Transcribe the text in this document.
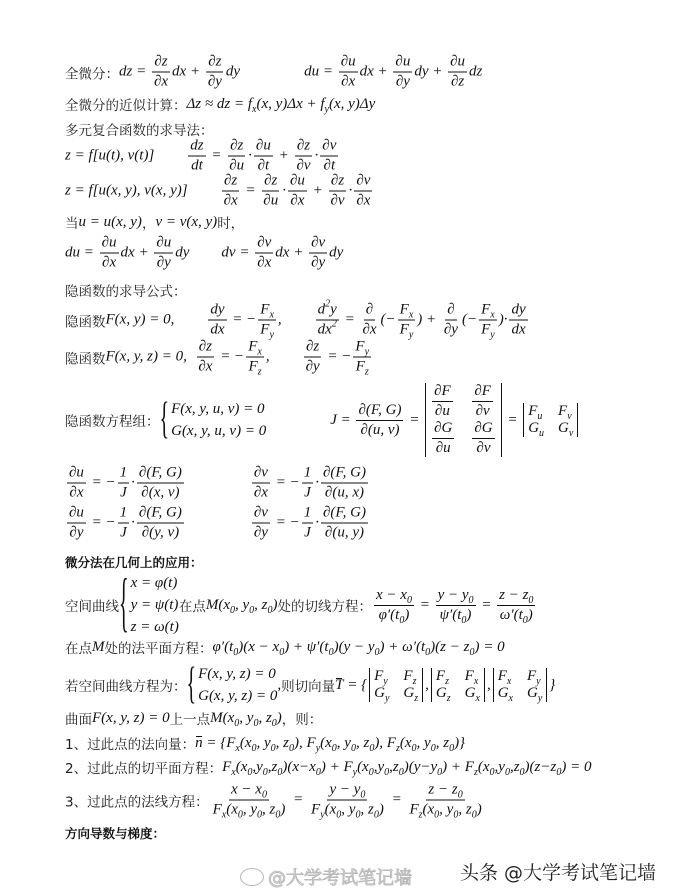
全微分： dz = $\frac{\partial z}{\partial x}$ dx + $\frac{\partial z}{\partial y}$ dy	du = $\frac{\partial u}{\partial x}$ dx + $\frac{\partial u}{\partial y}$ dy + $\frac{\partial u}{\partial z}$ dz
全微分的近似计算： Δz ≈ dz = f x (x, y)Δx + f y (x, y)Δy
多元复合函数的求导法：
z = f[u(t), $v(t)] \frac{dz}{dt} = \frac{\partial z}{\partial u} \cdot \frac{\partial u}{\partial t} + \frac{\partial z}{\partial v} \cdot \frac{\partial v}{\partial t}$
z = f[u(x, y), v(x, $y)] \frac{\partial z}{\partial x} = \frac{\partial z}{\partial u} \cdot \frac{\partial u}{\partial x} + \frac{\partial z}{\partial v} \cdot \frac{\partial v}{\partial x}$
当 u = u(x, y) ， v = v(x, y) 时，
du = $\frac{\partial u}{\partial x}$ dx + $\frac{\partial u}{\partial y}$ dy dv = $\frac{\partial v}{\partial x}$ dx + $\frac{\partial v}{\partial y}$ dy
隐函数的求导公式：
隐函数 F(x, y) = 0, $\frac{dy}{dx}$ = − $\frac{\text{F x}}{\text{F y}}$ , $\frac{d 2 y}{dx 2} = \frac{\partial}{\partial x}$ (− $\frac{\text{F x}}{\text{F y}}$ ) + $\frac{\partial}{\partial y}$ (− $\frac{\text{F x}}{\text{F y}}$ )· $\frac{dy}{dx}$
隐函数 F(x, y, z) = 0, $\frac{\partial z}{\partial x}$ = − $\frac{\text{F x}}{\text{F z}}$ , $\frac{\partial z}{\partial y}$ = − $\frac{\text{F y}}{\text{F z}}$
隐函数方程组： { F(x, y, u, v) = 0
G(x, y, u, v) = 0
$J = \frac{\partial(F, G)}{\partial(u, v)} = \frac{\partial F}{\partial u} \frac{\partial F}{\partial v}$
$\frac{\partial G}{\partial u} \frac{\partial G}{\partial v}$
=
F u F v
G u G v
$\frac{\partial u}{\partial x}$ = − $\frac{1}{J} \cdot \frac{\partial(F, G)}{\partial(x, v)}$	$\frac{\partial v}{\partial x}$ = − $\frac{1}{J} \cdot \frac{\partial(F, G)}{\partial(u, x)}$
$\frac{\partial u}{\partial y}$ = − $\frac{1}{J} \cdot \frac{\partial(F, G)}{\partial(y, v)}$	$\frac{\partial v}{\partial y}$ = − $\frac{1}{J} \cdot \frac{\partial(F, G)}{\partial(u, y)}$
微分法在几何上的应用：
空间曲线 { x = φ(t)
y = ψ(t)
z = ω(t)
在点 M(x 0 , y 0 , z 0 ) 处的切线方程： $\frac{x - x 0}{\varphi'(t 0 )} = \frac{y - y 0}{\psi'(t 0 )} = \frac{z - z 0}{\omega'(t 0 )}$
在点 M 处的法平面方程： φ′(t 0 )(x − x 0 ) + ψ′(t 0 )(y − y 0 ) + ω′(t 0 )(z − z 0 ) = 0
若空间曲线方程为： { F(x, y, z) = 0
G(x, y, z) = 0
, 则切向量 T = {
F y F z
G y G z
,
F z F x
G z G x
,
F x F y
G x G y
}
曲面 F(x, y, z) = 0 上一点 M(x 0 , y 0 , z 0 ) ，则：
1、过此点的法向量： n = {F x (x 0 , y 0 , z 0 ), F y (x 0 , y 0 , z 0 ), F z (x 0 , y 0 , z 0 )}
2、过此点的切平面方程： F x (x 0 ,y 0 ,z 0 )(x−x 0 ) + F y (x 0 ,y 0 ,z 0 )(y−y 0 ) + F z (x 0 ,y 0 ,z 0 )(z−z 0 ) = 0
3、过此点的法线方程： $\frac{x - x 0}{\text{F x (x 0 , y 0 , z 0 )}} = \frac{y - y 0}{\text{F y (x 0 , y 0 , z 0 )}} = \frac{z - z 0}{\text{F z (x 0 , y 0 , z 0 )}}$
方向导数与梯度：
@大学考试笔记墙	头条 @大学考试笔记墙
